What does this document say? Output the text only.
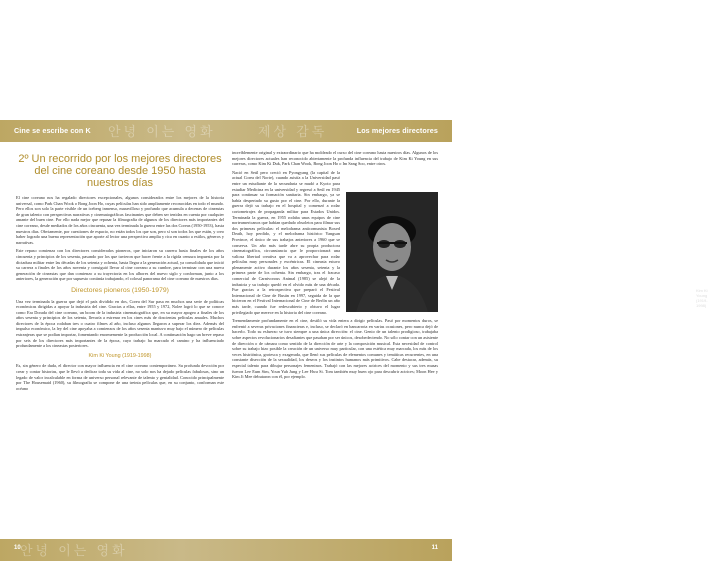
안녕 이는 영화	제상 감독
Cine se escribe con K	Los mejores directores
2º Un recorrido por los mejores directores
del cine coreano desde 1950 hasta nuestros días

El cine coreano nos ha regalado directores excepcionales, algunos considerados entre los mejores de la historia universal, como Park Chan Wook o Bong Joon Ho, cuyas películas han sido ampliamente reconocidas en todo el mundo. Pero ellos son solo la parte visible de un iceberg inmenso, maravilloso y profundo que acumula a decenas de cineastas de gran talento con perspectivas narrativas y cinematográficas fascinantes que deben ser tenidas en cuenta por cualquier amante del buen cine. Por ello nada mejor que repasar la filmografía de algunos de los directores más importantes del cine coreano, desde mediados de los años cincuenta, una vez terminada la guerra entre las dos Coreas (1950-1953), hasta nuestros días. Obviamente, por cuestiones de espacio, no están todos los que son, pero sí son todos los que están, y creo haber logrado una buena representación que aporte al lector una perspectiva amplia y rica en cuanto a estilos, géneros y narrativas.

Este repaso comienza con los directores considerados pioneros, que iniciaron su carrera hasta finales de los años cincuenta y principios de los sesenta, pasando por los que tuvieron que hacer frente a la rígida censura impuesta por la dictadura militar entre las décadas de los setenta y ochenta, hasta llegar a la generación actual, ya consolidada que inició su carrera a finales de los años noventa y consiguió llevar al cine coreano a su cumbre, para terminar con una nueva generación de cineastas que dan comienzo a su trayectoria en los albores del nuevo siglo y conforman, junto a los anteriores, la generación que por supuesto continúa trabajando, el colosal panorama del cine coreano de nuestros días.

Directores pioneros (1950-1979)

Una vez terminada la guerra que dejó el país dividido en dos, Corea del Sur pasa en muchos una serie de políticas económicas dirigidas a apoyar la industria del cine. Gracias a ellas, entre 1955 y 1972, Nolee logró lo que se conoce como Era Dorada del cine coreano, un boom de la industria cinematográfica que, en su mayor apogeo a finales de los años sesenta y principios de los setenta, llevaría a estrenar en los cines más de doscientas películas anuales. Muchos directores de la época rodaban tres o cuatro filmes al año, incluso algunos llegaron a superar los diez. Además del impulso económico, la ley del cine apoyaba a comienzos de los años sesenta mantuvo muy bajo el número de películas extranjeras que se podían importar, fomentando enormemente la producción local. A continuación hago un breve repaso por seis de los directores más importantes de la época, cuyo trabajo ha marcado el camino y ha influenciado profundamente a los cineastas posteriores.

Kim Ki Young (1919-1998)

Es, sin género de duda, el director con mayor influencia en el cine coreano contemporáneo. Su profunda devoción por crear y contar historias, que le llevó a dedicar toda su vida al cine, no solo nos ha dejado películas fabulosas, sino un legado de valor incalculable en forma de universo personal relevante de talento y genialidad. Conocido principalmente por The Housemaid (1960), su filmografía se compone de una treinta películas que, en su conjunto, conforman este océano

increíblemente original y extraordinario que ha moldeado el curso del cine coreano hasta nuestros días. Algunos de los mejores directores actuales han reconocido abiertamente la profunda influencia del trabajo de Kim Ki Young en sus carreras, como Kim Ki Duk, Park Chan Wook, Bong Joon Ho o Im Sang Soo, entre otros.

Nació en Seúl pero creció en Pyongyang (la capital de la actual Corea del Norte), cuando asistía a la Universidad pasó entre un estudiante de la secundaria se mudó a Kyoto para estudiar Medicina en la universidad y regresó a Seúl en 1945 para continuar su formación sanitaria. Sin embargo, ya se había despertado su gusto por el cine. Por ello, durante la guerra dejó su trabajo en el hospital y comenzó a rodar cortometrajes de propaganda militar para Estados Unidos. Terminada la guerra, en 1955 rodaba unas equipos de cine norteamericanos que habían quedado obsoletos para filmar sus dos primeras películas: el melodrama anticomunista Boxed Death, hoy perdido, y el melodrama histórico Yangsan Province, el único de sus trabajos anteriores a 1960 que se conserva. Un año más tarde abre su propia productora cinematográfica, circunstancia que le proporcionará una valiosa libertad creativa que va a aprovechar para rodar películas muy personales y excéntricas. El cineasta estuvo plenamente activo durante los años sesenta, setenta y la primera parte de los ochenta. Sin embargo, tras el fracaso comercial de Carnivorous Animal (1985) se alejó de la industria y su trabajo quedó en el olvido más de una década. Fue gracias a la retrospectiva que preparó el Festival Internacional de Cine de Busán en 1997, seguida de la que hicieron en el Festival Internacional de Cine de Berlín un año más tarde, cuando fue redescubierto y obtuvo el lugar privilegiado que merece en la historia del cine coreano.

Tremendamente profundamente en el cine, destiló su vida entera a dirigir películas. Pasó por momentos duros, se enfrentó a severas privaciones financieras e, incluso, se declaró en bancarrota en varias ocasiones, pero nunca dejó de hacerlo. Todo su esfuerzo se tuvo siempre a una única dirección: el cine. Genio de un talento prodigioso, trabajaba sobre aspectos revolucionarios desafiantes que pasaban por ser únicos, desobedeciendo. No sólo contar con un asistente de dirección o de cámara como sentido de la dirección de arte y la composición musical. Esta necesidad de control sobre su trabajo hizo posible la creación de un universo muy particular, con una estética muy marcada, los más de los veces histriónica, grotesca y exagerada, que llenó sus películas de elementos comunes y temáticas recurrentes, en una constante disección de la sexualidad, los deseos y los instintos humanos más primitivos. Cabe destacar, además, su especial talento para dibujar personajes femeninos. Trabajó con las mejores actrices del momento y sus tres musas fueron Lee Eum Sim, Youn Yuh Jung y Lee Hwa Si. Tom también muy buen ojo para descubrir actrices; Moon Hee y Kim Ji Mee debutaron con él, por ejemplo.

Kim Ki Young (1919-1998)
안녕 이는 영화
10	11
